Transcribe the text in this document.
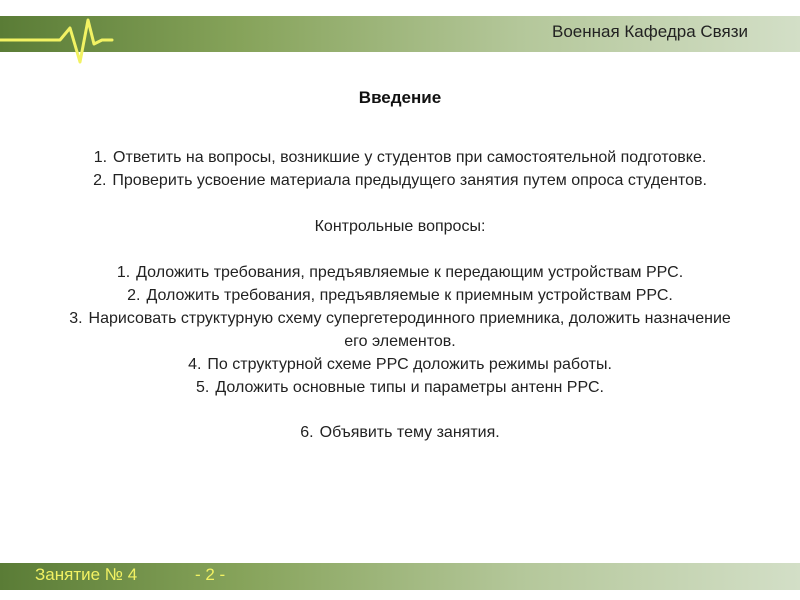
Военная Кафедра Связи
Введение
1. Ответить на вопросы, возникшие у студентов при самостоятельной подготовке.
2. Проверить усвоение материала предыдущего занятия путем опроса студентов.
Контрольные вопросы:
1. Доложить требования, предъявляемые к передающим устройствам РРС.
2. Доложить требования, предъявляемые к приемным устройствам РРС.
3. Нарисовать структурную схему супергетеродинного приемника, доложить назначение его элементов.
4. По структурной схеме РРС доложить режимы работы.
5. Доложить основные типы и параметры антенн РРС.
6. Объявить тему занятия.
Занятие № 4	- 2 -
